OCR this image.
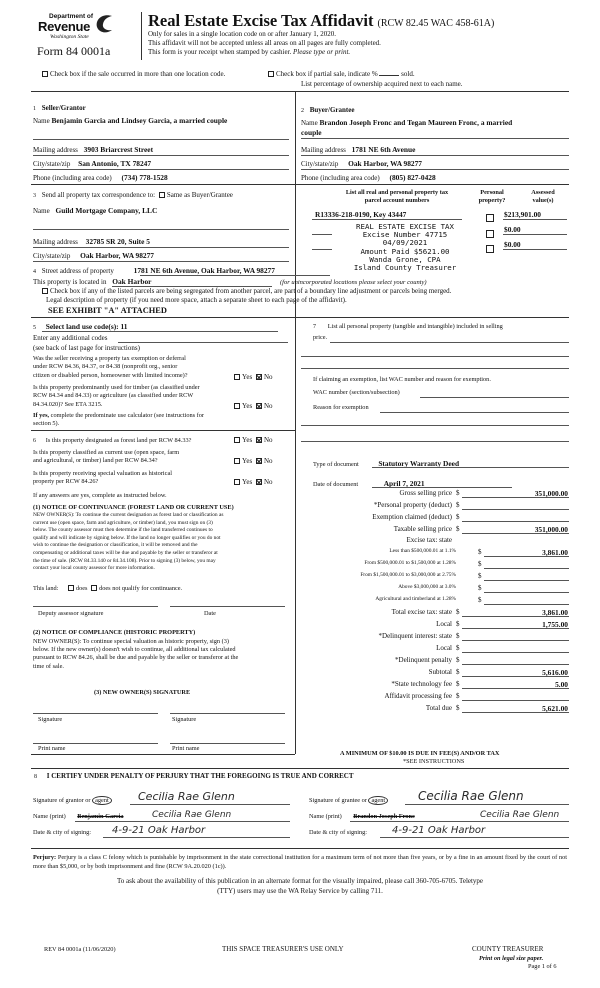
Department of
Revenue
Washington State
Form 84 0001a
Real Estate Excise Tax Affidavit (RCW 82.45 WAC 458-61A)
Only for sales in a single location code on or after January 1, 2020.
This affidavit will not be accepted unless all areas on all pages are fully completed.
This form is your receipt when stamped by cashier. Please type or print.
Check box if the sale occurred in more than one location code.	Check box if partial sale, indicate %	sold.
List percentage of ownership acquired next to each name.
1 Seller/Grantor
Name Benjamin Garcia and Lindsey Garcia, a married couple
Mailing address 3903 Briarcrest Street
City/state/zip San Antonio, TX 78247
Phone (including area code) (734) 778-1528
2 Buyer/Grantee
Name Brandon Joseph Fronc and Tegan Maureen Fronc, a married
couple
Mailing address 1781 NE 6th Avenue
City/state/zip Oak Harbor, WA 98277
Phone (including area code) (805) 827-0428
3 Send all property tax correspondence to: Same as Buyer/Grantee
Name Guild Mortgage Company, LLC
Mailing address 32785 SR 20, Suite 5
City/state/zip Oak Harbor, WA 98277
List all real and personal property tax
parcel account numbers
Personal
property?
Assessed
value(s)
R13336-218-0190, Key 43447	$213,901.00
$0.00
$0.00
REAL ESTATE EXCISE TAX
Excise Number 47715
04/09/2021
Amount Paid $5621.00
Wanda Grone, CPA
Island County Treasurer
4 Street address of property	1781 NE 6th Avenue, Oak Harbor, WA 98277
This property is located in Oak Harbor	(for unincorporated locations please select your county)
Check box if any of the listed parcels are being segregated from another parcel, are part of a boundary line adjustment or parcels being merged.
Legal description of property (if you need more space, attach a separate sheet to each page of the affidavit).
SEE EXHIBIT "A" ATTACHED
5 Select land use code(s): 11
Enter any additional codes
(see back of last page for instructions)
Was the seller receiving a property tax exemption or deferral
under RCW 84.36, 84.37, or 84.38 (nonprofit org., senior
citizen or disabled person, homeowner with limited income)?	Yes No
Is this property predominantly used for timber (as classified under
RCW 84.34 and 84.33) or agriculture (as classified under RCW
84.34.020)? See ETA 3215.	Yes No
If yes, complete the predominate use calculator (see instructions for
section 5).
6 Is this property designated as forest land per RCW 84.33?	Yes No
Is this property classified as current use (open space, farm
and agricultural, or timber) land per RCW 84.34?	Yes No
Is this property receiving special valuation as historical
property per RCW 84.26?	Yes No
If any answers are yes, complete as instructed below.
(1) NOTICE OF CONTINUANCE (FOREST LAND OR CURRENT USE)
NEW OWNER(S): To continue the current designation as forest land or classification as
current use (open space, farm and agriculture, or timber) land, you must sign on (3)
below. The county assessor must then determine if the land transferred continues to
qualify and will indicate by signing below. If the land no longer qualifies or you do not
wish to continue the designation or classification, it will be removed and the
compensating or additional taxes will be due and payable by the seller or transferor at
the time of sale. (RCW 84.33.140 or 84.34.108). Prior to signing (3) below, you may
contact your local county assessor for more information.
This land:	does does not qualify for continuance.
Deputy assessor signature	Date
(2) NOTICE OF COMPLIANCE (HISTORIC PROPERTY)
NEW OWNER(S): To continue special valuation as historic property, sign (3)
below. If the new owner(s) doesn't wish to continue, all additional tax calculated
pursuant to RCW 84.26, shall be due and payable by the seller or transferor at the
time of sale.
(3) NEW OWNER(S) SIGNATURE
Signature	Signature
Print name	Print name
7 List all personal property (tangible and intangible) included in selling
price.
If claiming an exemption, list WAC number and reason for exemption.
WAC number (section/subsection)
Reason for exemption
Type of document	Statutory Warranty Deed
Date of document	April 7, 2021
Gross selling price $	351,000.00
*Personal property (deduct) $
Exemption claimed (deduct) $
Taxable selling price $	351,000.00
Excise tax: state
Less than $500,000.01 at 1.1%	$	3,861.00
From $500,000.01 to $1,500,000 at 1.28%	$
From $1,500,000.01 to $3,000,000 at 2.75%	$
Above $3,000,000 at 3.0%	$
Agricultural and timberland at 1.28%	$
Total excise tax: state $	3,861.00
Local $	1,755.00
*Delinquent interest: state $
Local $
*Delinquent penalty $
Subtotal $	5,616.00
*State technology fee $	5.00
Affidavit processing fee $
Total due $	5,621.00
A MINIMUM OF $10.00 IS DUE IN FEE(S) AND/OR TAX
*SEE INSTRUCTIONS
8 I CERTIFY UNDER PENALTY OF PERJURY THAT THE FOREGOING IS TRUE AND CORRECT
Signature of grantor or agent	Cecilia Rae Glenn
Name (print) Benjamin Garcia	Cecilia Rae Glenn
Date & city of signing: 4-9-21 Oak Harbor
Signature of grantee or agent	Cecilia Rae Glenn
Name (print) Brandon Joseph Fronc	Cecilia Rae Glenn
Date & city of signing: 4-9-21 Oak Harbor
Perjury: Perjury is a class C felony which is punishable by imprisonment in the state correctional institution for a maximum term of not more than five years, or by a fine in an amount fixed by the court of not more than $5,000, or by both imprisonment and fine (RCW 9A.20.020 (1c)).
To ask about the availability of this publication in an alternate format for the visually impaired, please call 360-705-6705. Teletype
(TTY) users may use the WA Relay Service by calling 711.
REV 84 0001a (11/06/2020)	THIS SPACE TREASURER'S USE ONLY	COUNTY TREASURER
Print on legal size paper.
Page 1 of 6
